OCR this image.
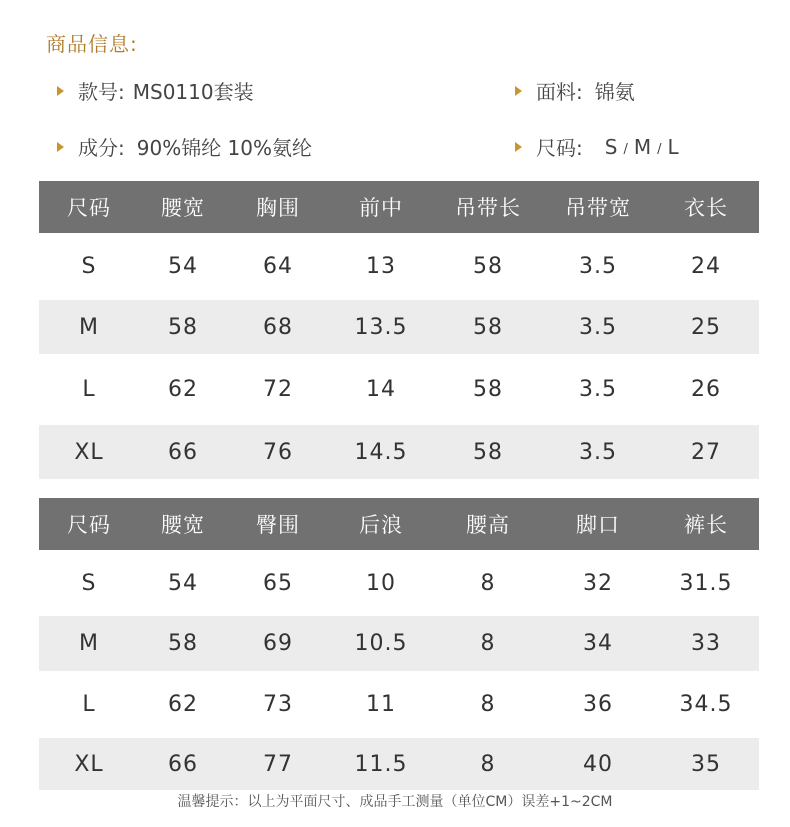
商品信息:
款号: MS0110套装	面料: 锦氨
成分: 90%锦纶 10%氨纶	尺码: S / M / L
尺码	腰宽	胸围	前中	吊带长	吊带宽	衣长
S	54	64	13	58	3.5	24
M	58	68	13.5	58	3.5	25
L	62	72	14	58	3.5	26
XL	66	76	14.5	58	3.5	27
尺码	腰宽	臀围	后浪	腰高	脚口	裤长
S	54	65	10	8	32	31.5
M	58	69	10.5	8	34	33
L	62	73	11	8	36	34.5
XL	66	77	11.5	8	40	35
温馨提示：以上为平面尺寸、成品手工测量（单位CM）误差+1~2CM
